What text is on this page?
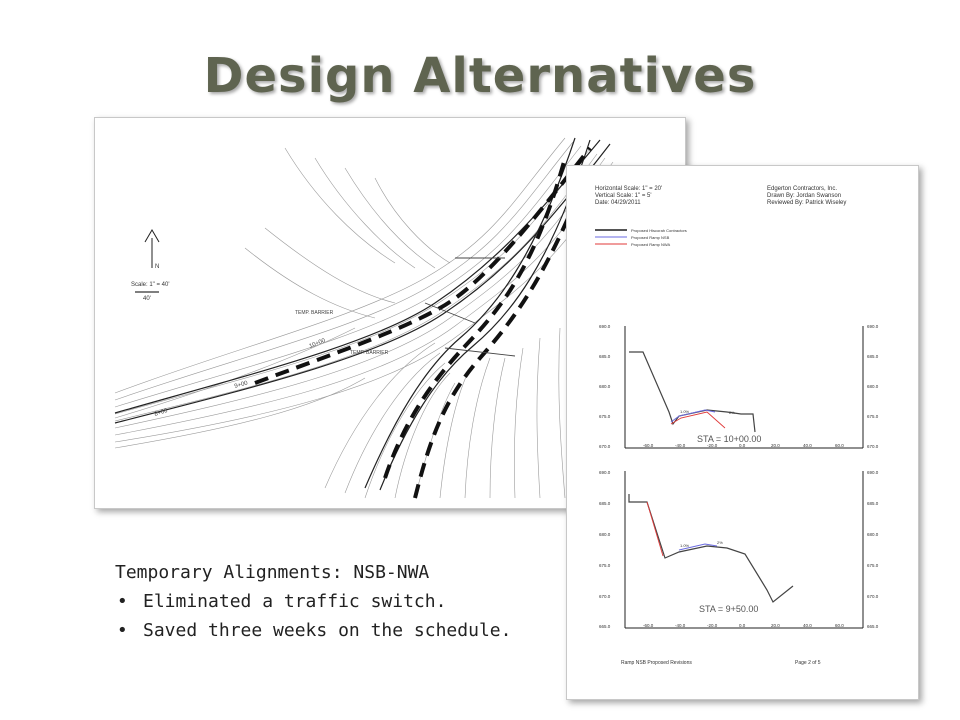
Design Alternatives
N
Scale: 1" = 40'
40'
TEMP. BARRIER
TEMP. BARRIER
8+00
9+00
10+00
Horizontal Scale: 1" = 20'
Vertical Scale: 1" = 5'
Date: 04/29/2011
Edgerton Contractors, Inc.
Drawn By: Jordan Swanson
Reviewed By: Patrick Wiseley
Proposed Hiscorah Contractors
Proposed Ramp NSB
Proposed Ramp NWA
690.0
685.0
680.0
675.0
670.0
690.0
685.0
680.0
675.0
670.0
-60.0	-40.0	-20.0	0.0	20.0	40.0	60.0
1.0%	2%
STA = 10+00.00
690.0
685.0
680.0
675.0
670.0
665.0
690.0
685.0
680.0
675.0
670.0
665.0
-60.0	-40.0	-20.0	0.0	20.0	40.0	60.0
1.0%
2%
STA = 9+50.00
Ramp NSB Proposed Revisions	Page 2 of 5
Temporary Alignments: NSB-NWA
• Eliminated a traffic switch.
• Saved three weeks on the schedule.
